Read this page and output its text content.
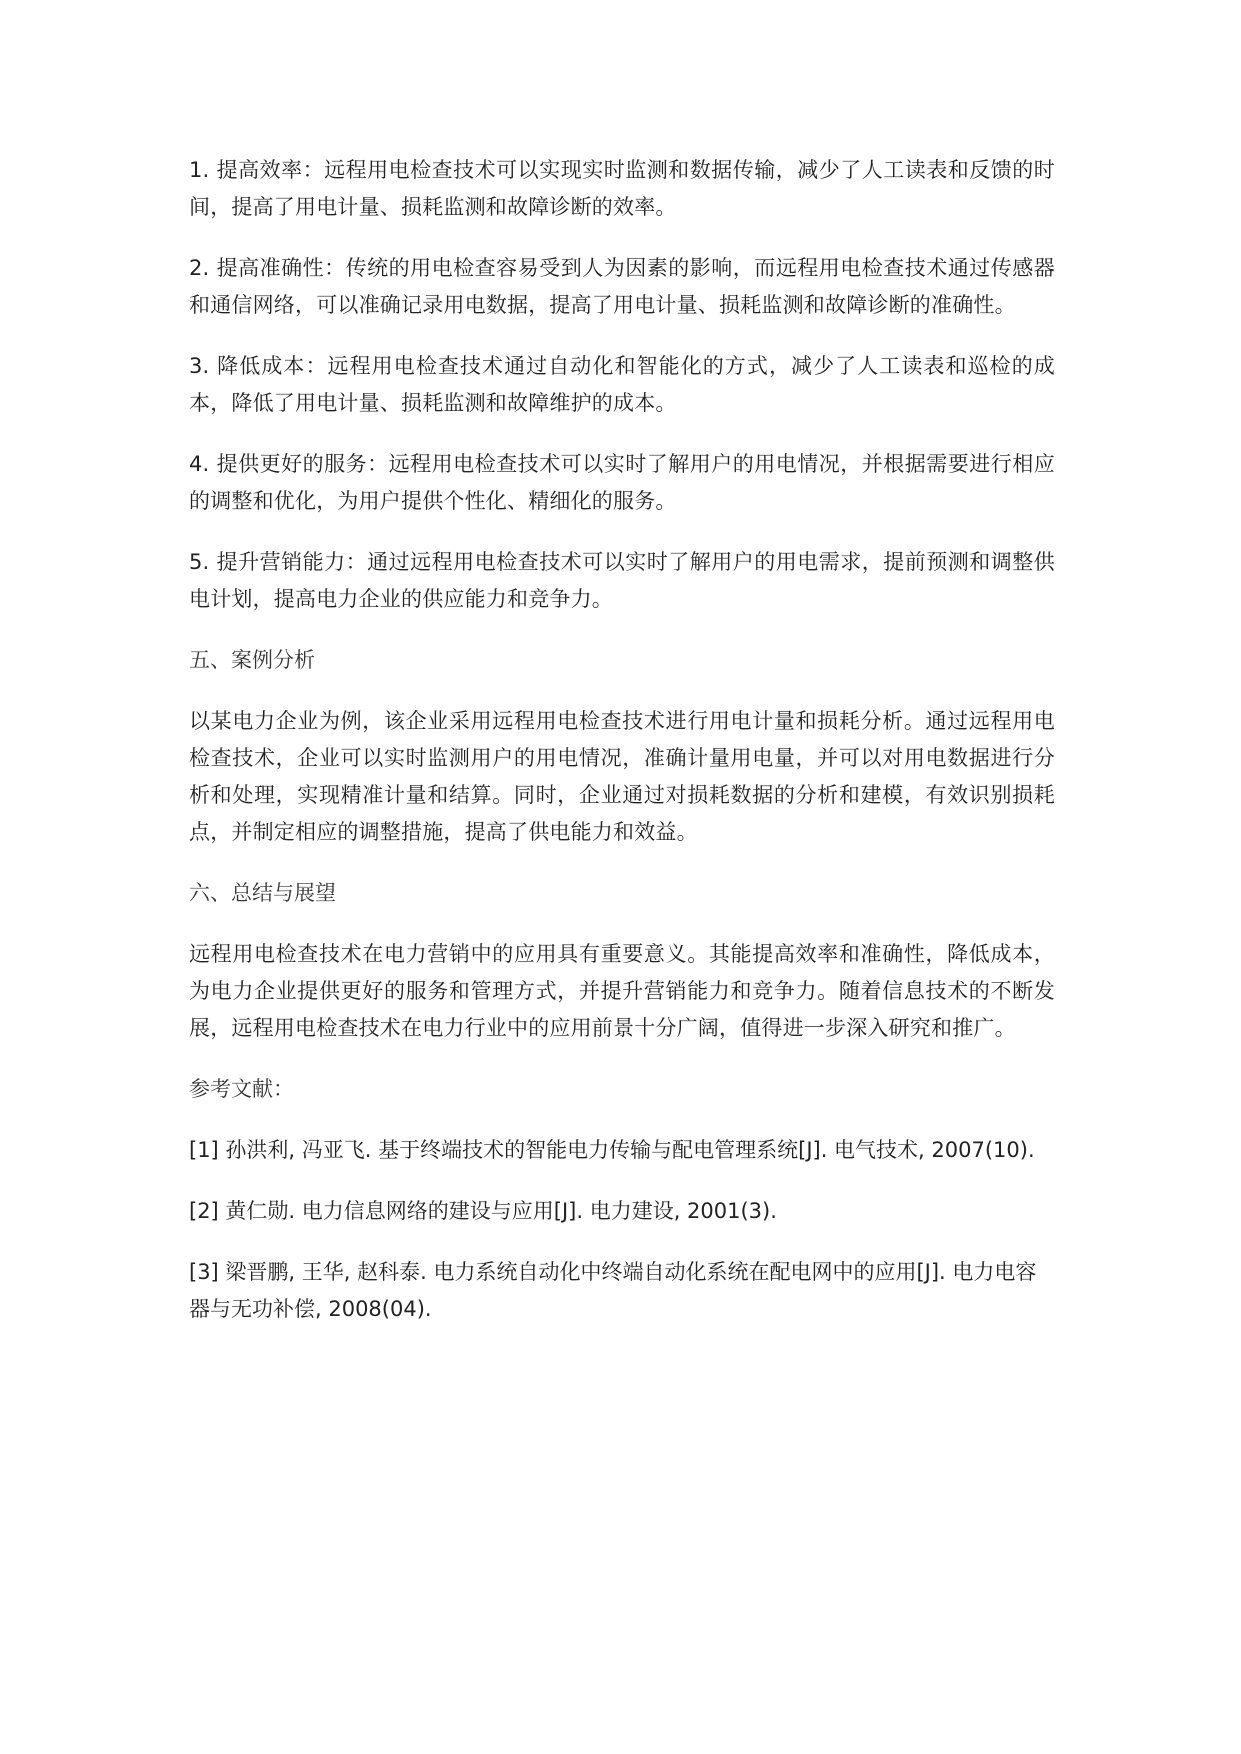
1. 提高效率：远程用电检查技术可以实现实时监测和数据传输，减少了人工读表和反馈的时间，提高了用电计量、损耗监测和故障诊断的效率。

2. 提高准确性：传统的用电检查容易受到人为因素的影响，而远程用电检查技术通过传感器和通信网络，可以准确记录用电数据，提高了用电计量、损耗监测和故障诊断的准确性。

3. 降低成本：远程用电检查技术通过自动化和智能化的方式，减少了人工读表和巡检的成本，降低了用电计量、损耗监测和故障维护的成本。

4. 提供更好的服务：远程用电检查技术可以实时了解用户的用电情况，并根据需要进行相应的调整和优化，为用户提供个性化、精细化的服务。

5. 提升营销能力：通过远程用电检查技术可以实时了解用户的用电需求，提前预测和调整供电计划，提高电力企业的供应能力和竞争力。

五、案例分析

以某电力企业为例，该企业采用远程用电检查技术进行用电计量和损耗分析。通过远程用电检查技术，企业可以实时监测用户的用电情况，准确计量用电量，并可以对用电数据进行分析和处理，实现精准计量和结算。同时，企业通过对损耗数据的分析和建模，有效识别损耗点，并制定相应的调整措施，提高了供电能力和效益。

六、总结与展望

远程用电检查技术在电力营销中的应用具有重要意义。其能提高效率和准确性，降低成本，为电力企业提供更好的服务和管理方式，并提升营销能力和竞争力。随着信息技术的不断发展，远程用电检查技术在电力行业中的应用前景十分广阔，值得进一步深入研究和推广。

参考文献：

[1] 孙洪利, 冯亚飞. 基于终端技术的智能电力传输与配电管理系统[J]. 电气技术, 2007(10).

[2] 黄仁勋. 电力信息网络的建设与应用[J]. 电力建设, 2001(3).

[3] 梁晋鹏, 王华, 赵科泰. 电力系统自动化中终端自动化系统在配电网中的应用[J]. 电力电容器与无功补偿, 2008(04).
